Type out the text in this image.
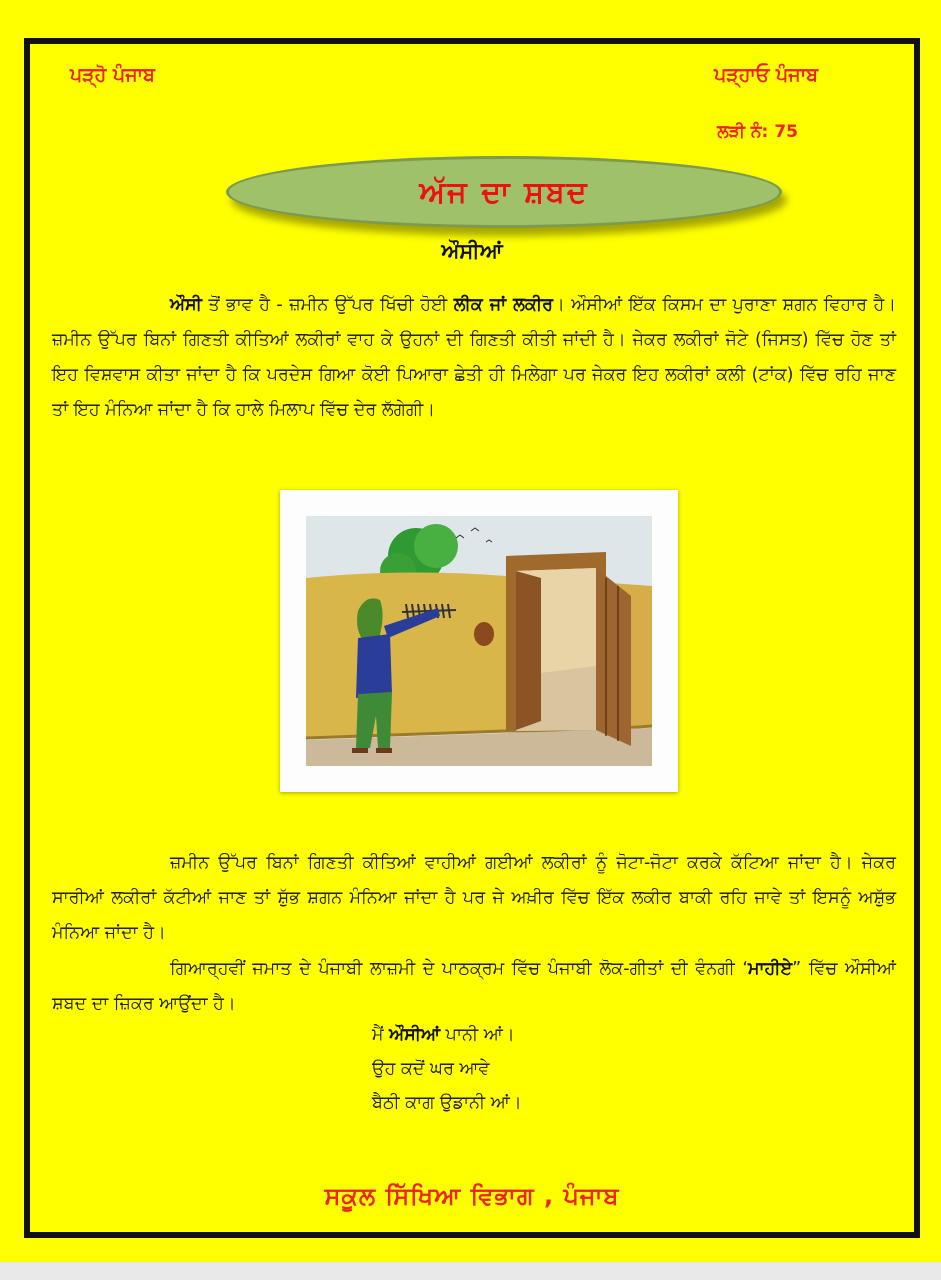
ਪੜ੍ਹੋ ਪੰਜਾਬ	ਪੜ੍ਹਾਓ ਪੰਜਾਬ
ਲੜੀ ਨੰ: 75
ਅੱਜ ਦਾ ਸ਼ਬਦ
ਔਸੀਆਂ
ਔਸੀ ਤੋਂ ਭਾਵ ਹੈ - ਜ਼ਮੀਨ ਉੱਪਰ ਖਿੱਚੀ ਹੋਈ ਲੀਕ ਜਾਂ ਲਕੀਰ। ਔਸੀਆਂ ਇੱਕ ਕਿਸਮ ਦਾ ਪੁਰਾਣਾ ਸ਼ਗਨ ਵਿਹਾਰ ਹੈ। ਜ਼ਮੀਨ ਉੱਪਰ ਬਿਨਾਂ ਗਿਣਤੀ ਕੀਤਿਆਂ ਲਕੀਰਾਂ ਵਾਹ ਕੇ ਉਹਨਾਂ ਦੀ ਗਿਣਤੀ ਕੀਤੀ ਜਾਂਦੀ ਹੈ। ਜੇਕਰ ਲਕੀਰਾਂ ਜੋਟੇ (ਜਿਸਤ) ਵਿੱਚ ਹੋਣ ਤਾਂ ਇਹ ਵਿਸ਼ਵਾਸ ਕੀਤਾ ਜਾਂਦਾ ਹੈ ਕਿ ਪਰਦੇਸ ਗਿਆ ਕੋਈ ਪਿਆਰਾ ਛੇਤੀ ਹੀ ਮਿਲੇਗਾ ਪਰ ਜੇਕਰ ਇਹ ਲਕੀਰਾਂ ਕਲੀ (ਟਾਂਕ) ਵਿੱਚ ਰਹਿ ਜਾਣ ਤਾਂ ਇਹ ਮੰਨਿਆ ਜਾਂਦਾ ਹੈ ਕਿ ਹਾਲੇ ਮਿਲਾਪ ਵਿੱਚ ਦੇਰ ਲੱਗੇਗੀ।
ਜ਼ਮੀਨ ਉੱਪਰ ਬਿਨਾਂ ਗਿਣਤੀ ਕੀਤਿਆਂ ਵਾਹੀਆਂ ਗਈਆਂ ਲਕੀਰਾਂ ਨੂੰ ਜੋਟਾ-ਜੋਟਾ ਕਰਕੇ ਕੱਟਿਆ ਜਾਂਦਾ ਹੈ। ਜੇਕਰ ਸਾਰੀਆਂ ਲਕੀਰਾਂ ਕੱਟੀਆਂ ਜਾਣ ਤਾਂ ਸ਼ੁੱਭ ਸ਼ਗਨ ਮੰਨਿਆ ਜਾਂਦਾ ਹੈ ਪਰ ਜੇ ਅਖ਼ੀਰ ਵਿੱਚ ਇੱਕ ਲਕੀਰ ਬਾਕੀ ਰਹਿ ਜਾਵੇ ਤਾਂ ਇਸਨੂੰ ਅਸ਼ੁੱਭ ਮੰਨਿਆ ਜਾਂਦਾ ਹੈ।
ਗਿਆਰ੍ਹਵੀਂ ਜਮਾਤ ਦੇ ਪੰਜਾਬੀ ਲਾਜ਼ਮੀ ਦੇ ਪਾਠਕ੍ਰਮ ਵਿੱਚ ਪੰਜਾਬੀ ਲੋਕ-ਗੀਤਾਂ ਦੀ ਵੰਨਗੀ ‘ਮਾਹੀਏ” ਵਿੱਚ ਔਸੀਆਂ ਸ਼ਬਦ ਦਾ ਜ਼ਿਕਰ ਆਉਂਦਾ ਹੈ।
ਮੈਂ ਔਸੀਆਂ ਪਾਨੀ ਆਂ।
ਉਹ ਕਦੋਂ ਘਰ ਆਵੇ
ਬੈਠੀ ਕਾਗ ਉਡਾਨੀ ਆਂ।
ਸਕੂਲ ਸਿੱਖਿਆ ਵਿਭਾਗ , ਪੰਜਾਬ
